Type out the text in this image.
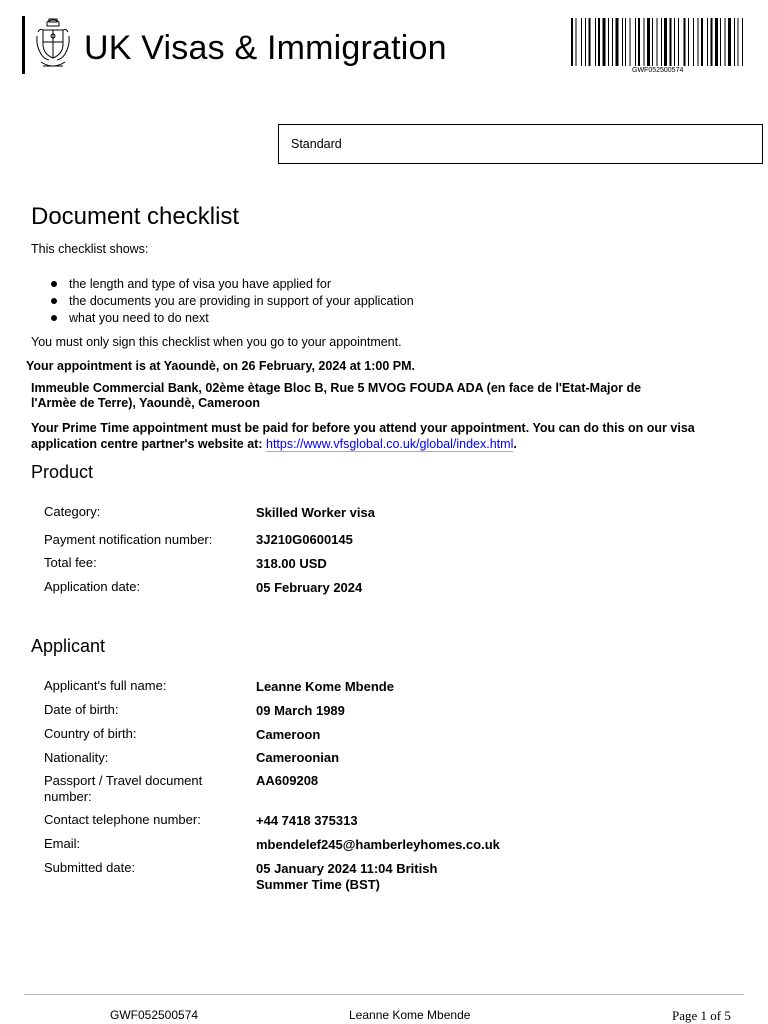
UK Visas & Immigration
GWF052500574
Standard
Document checklist
This checklist shows:
the length and type of visa you have applied for
the documents you are providing in support of your application
what you need to do next
You must only sign this checklist when you go to your appointment.
Your appointment is at Yaoundè, on 26 February, 2024 at 1:00 PM.
Immeuble Commercial Bank, 02ème ètage Bloc B, Rue 5 MVOG FOUDA ADA (en face de l'Etat-Major de l'Armèe de Terre), Yaoundè, Cameroon
Your Prime Time appointment must be paid for before you attend your appointment. You can do this on our visa application centre partner's website at: https://www.vfsglobal.co.uk/global/index.html.
Product
Category:	Skilled Worker visa
Payment notification number:	3J210G0600145
Total fee:	318.00 USD
Application date:	05 February 2024
Applicant
Applicant's full name:	Leanne Kome Mbende
Date of birth:	09 March 1989
Country of birth:	Cameroon
Nationality:	Cameroonian
Passport / Travel document number:
AA609208
Contact telephone number:	+44 7418 375313
Email:	mbendelef245@hamberleyhomes.co.uk
Submitted date:	05 January 2024 11:04 British Summer Time (BST)
GWF052500574	Leanne Kome Mbende	Page 1 of 5
